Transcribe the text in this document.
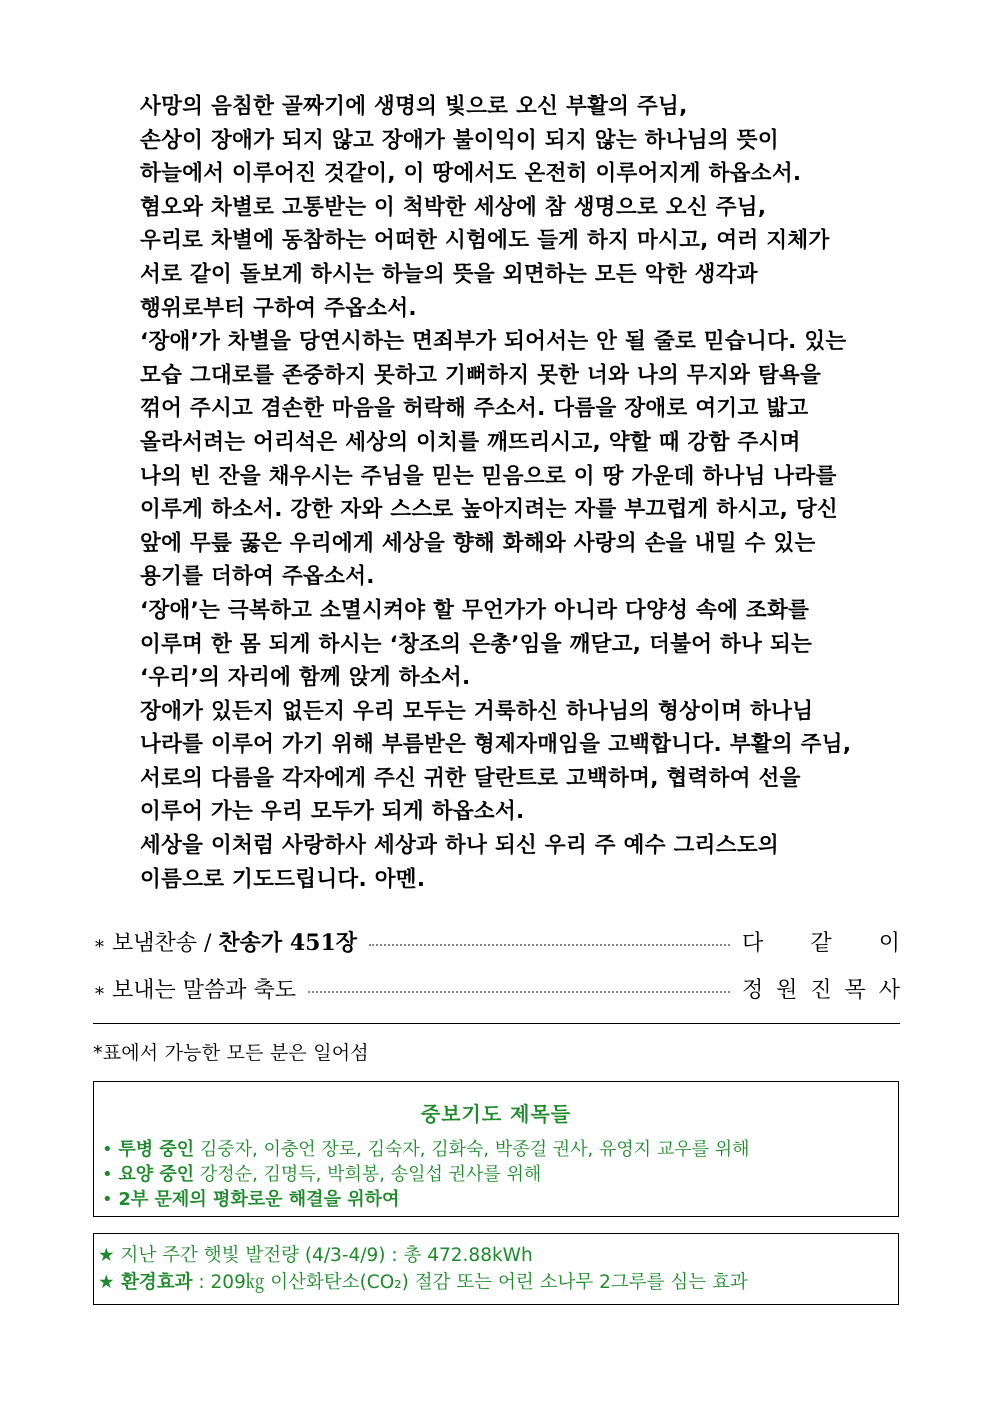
사망의 음침한 골짜기에 생명의 빛으로 오신 부활의 주님,
손상이 장애가 되지 않고 장애가 불이익이 되지 않는 하나님의 뜻이
하늘에서 이루어진 것같이, 이 땅에서도 온전히 이루어지게 하옵소서.
혐오와 차별로 고통받는 이 척박한 세상에 참 생명으로 오신 주님,
우리로 차별에 동참하는 어떠한 시험에도 들게 하지 마시고, 여러 지체가
서로 같이 돌보게 하시는 하늘의 뜻을 외면하는 모든 악한 생각과
행위로부터 구하여 주옵소서.
‘장애’가 차별을 당연시하는 면죄부가 되어서는 안 될 줄로 믿습니다. 있는
모습 그대로를 존중하지 못하고 기뻐하지 못한 너와 나의 무지와 탐욕을
꺾어 주시고 겸손한 마음을 허락해 주소서. 다름을 장애로 여기고 밟고
올라서려는 어리석은 세상의 이치를 깨뜨리시고, 약할 때 강함 주시며
나의 빈 잔을 채우시는 주님을 믿는 믿음으로 이 땅 가운데 하나님 나라를
이루게 하소서. 강한 자와 스스로 높아지려는 자를 부끄럽게 하시고, 당신
앞에 무릎 꿇은 우리에게 세상을 향해 화해와 사랑의 손을 내밀 수 있는
용기를 더하여 주옵소서.
‘장애’는 극복하고 소멸시켜야 할 무언가가 아니라 다양성 속에 조화를
이루며 한 몸 되게 하시는 ‘창조의 은총’임을 깨닫고, 더불어 하나 되는
‘우리’의 자리에 함께 앉게 하소서.
장애가 있든지 없든지 우리 모두는 거룩하신 하나님의 형상이며 하나님
나라를 이루어 가기 위해 부름받은 형제자매임을 고백합니다. 부활의 주님,
서로의 다름을 각자에게 주신 귀한 달란트로 고백하며, 협력하여 선을
이루어 가는 우리 모두가 되게 하옵소서.
세상을 이처럼 사랑하사 세상과 하나 되신 우리 주 예수 그리스도의
이름으로 기도드립니다. 아멘.
⁎ 보냄찬송 / 찬송가 451장	다 같 이
⁎ 보내는 말씀과 축도	정 원 진 목 사
*표에서 가능한 모든 분은 일어섬
중보기도 제목들
• 투병 중인 김중자, 이충언 장로, 김숙자, 김화숙, 박종걸 권사, 유영지 교우를 위해
• 요양 중인 강정순, 김명득, 박희봉, 송일섭 권사를 위해
• 2부 문제의 평화로운 해결을 위하여
★ 지난 주간 햇빛 발전량 (4/3-4/9) : 총 472.88kWh
★ 환경효과 : 209㎏ 이산화탄소(CO₂) 절감 또는 어린 소나무 2그루를 심는 효과
